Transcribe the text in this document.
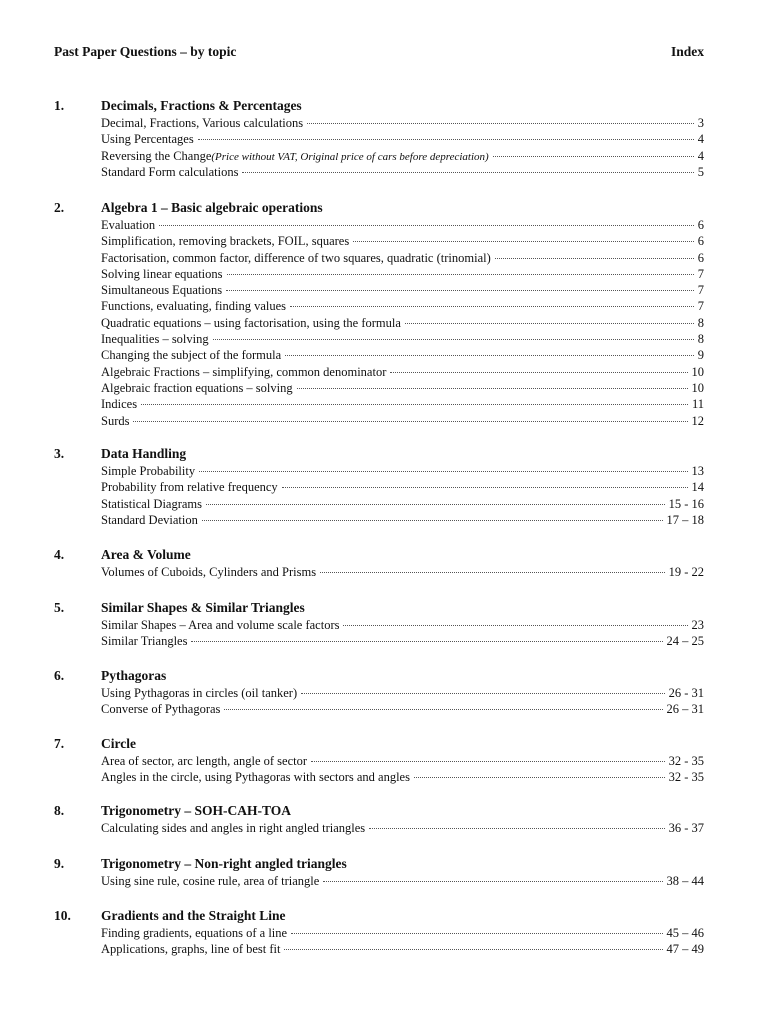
Past Paper Questions – by topic	Index
1.	Decimals, Fractions & Percentages
Decimal, Fractions, Various calculations	3
Using Percentages	4
Reversing the Change (Price without VAT, Original price of cars before depreciation)	4
Standard Form calculations	5
2.	Algebra 1 – Basic algebraic operations
Evaluation	6
Simplification, removing brackets, FOIL, squares	6
Factorisation, common factor, difference of two squares, quadratic (trinomial)	6
Solving linear equations	7
Simultaneous Equations	7
Functions, evaluating, finding values	7
Quadratic equations – using factorisation, using the formula	8
Inequalities – solving	8
Changing the subject of the formula	9
Algebraic Fractions – simplifying, common denominator	10
Algebraic fraction equations – solving	10
Indices	11
Surds	12
3.	Data Handling
Simple Probability	13
Probability from relative frequency	14
Statistical Diagrams	15 - 16
Standard Deviation	17 – 18
4.	Area & Volume
Volumes of Cuboids, Cylinders and Prisms	19 - 22
5.	Similar Shapes & Similar Triangles
Similar Shapes – Area and volume scale factors	23
Similar Triangles	24 – 25
6.	Pythagoras
Using Pythagoras in circles (oil tanker)	26 - 31
Converse of Pythagoras	26 – 31
7.	Circle
Area of sector, arc length, angle of sector	32 - 35
Angles in the circle, using Pythagoras with sectors and angles	32 - 35
8.	Trigonometry – SOH-CAH-TOA
Calculating sides and angles in right angled triangles	36 - 37
9.	Trigonometry – Non-right angled triangles
Using sine rule, cosine rule, area of triangle	38 – 44
10. Gradients and the Straight Line
Finding gradients, equations of a line	45 – 46
Applications, graphs, line of best fit	47 – 49
